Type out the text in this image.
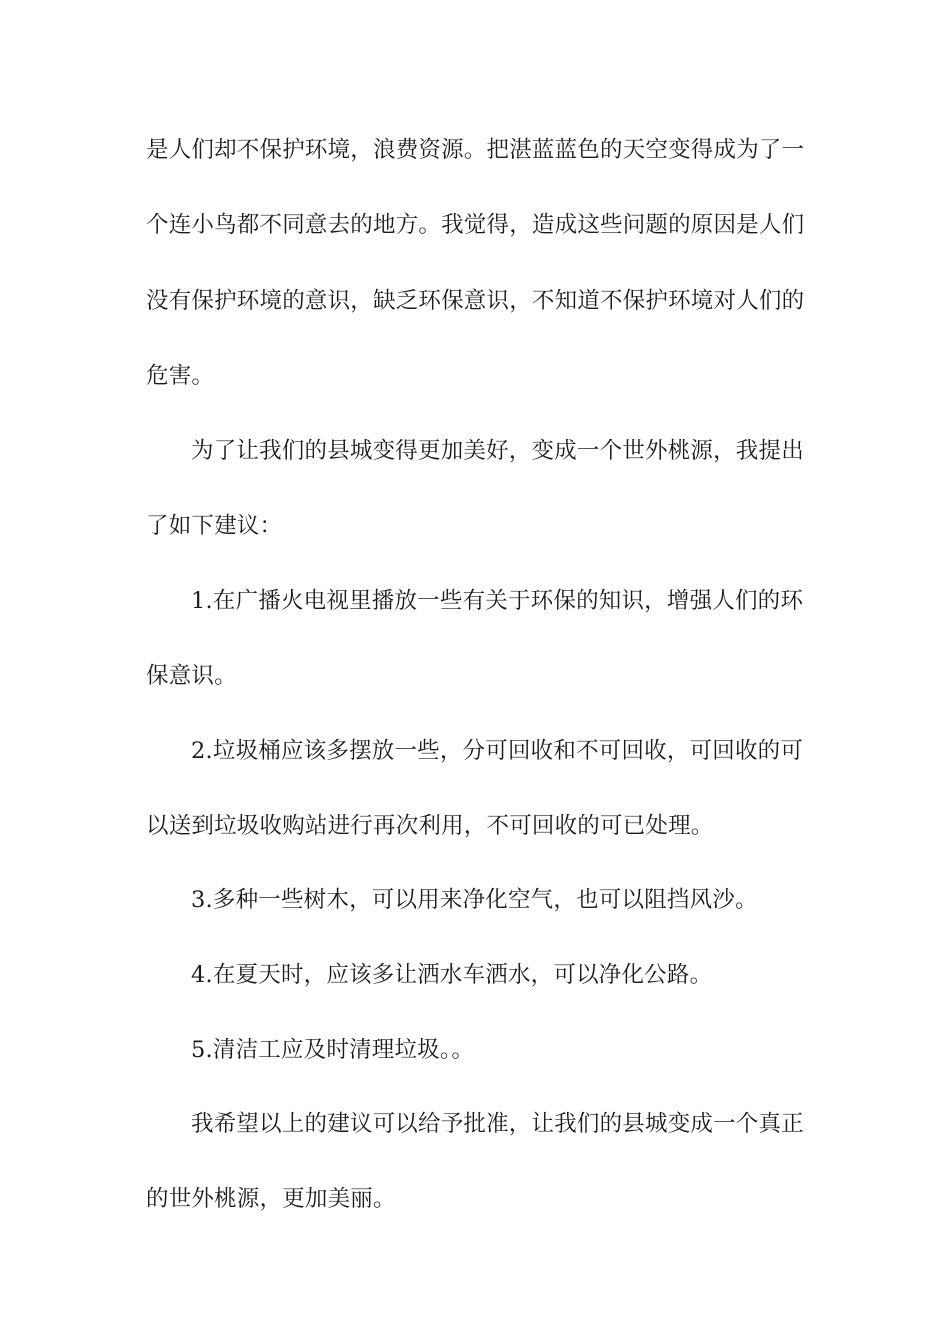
是人们却不保护环境，浪费资源。把湛蓝蓝色的天空变得成为了一
个连小鸟都不同意去的地方。我觉得，造成这些问题的原因是人们
没有保护环境的意识，缺乏环保意识，不知道不保护环境对人们的
危害。
为了让我们的县城变得更加美好，变成一个世外桃源，我提出
了如下建议：
1.在广播火电视里播放一些有关于环保的知识，增强人们的环
保意识。
2.垃圾桶应该多摆放一些，分可回收和不可回收，可回收的可
以送到垃圾收购站进行再次利用，不可回收的可已处理。
3.多种一些树木，可以用来净化空气，也可以阻挡风沙。
4.在夏天时，应该多让洒水车洒水，可以净化公路。
5.清洁工应及时清理垃圾。。
我希望以上的建议可以给予批准，让我们的县城变成一个真正
的世外桃源，更加美丽。
